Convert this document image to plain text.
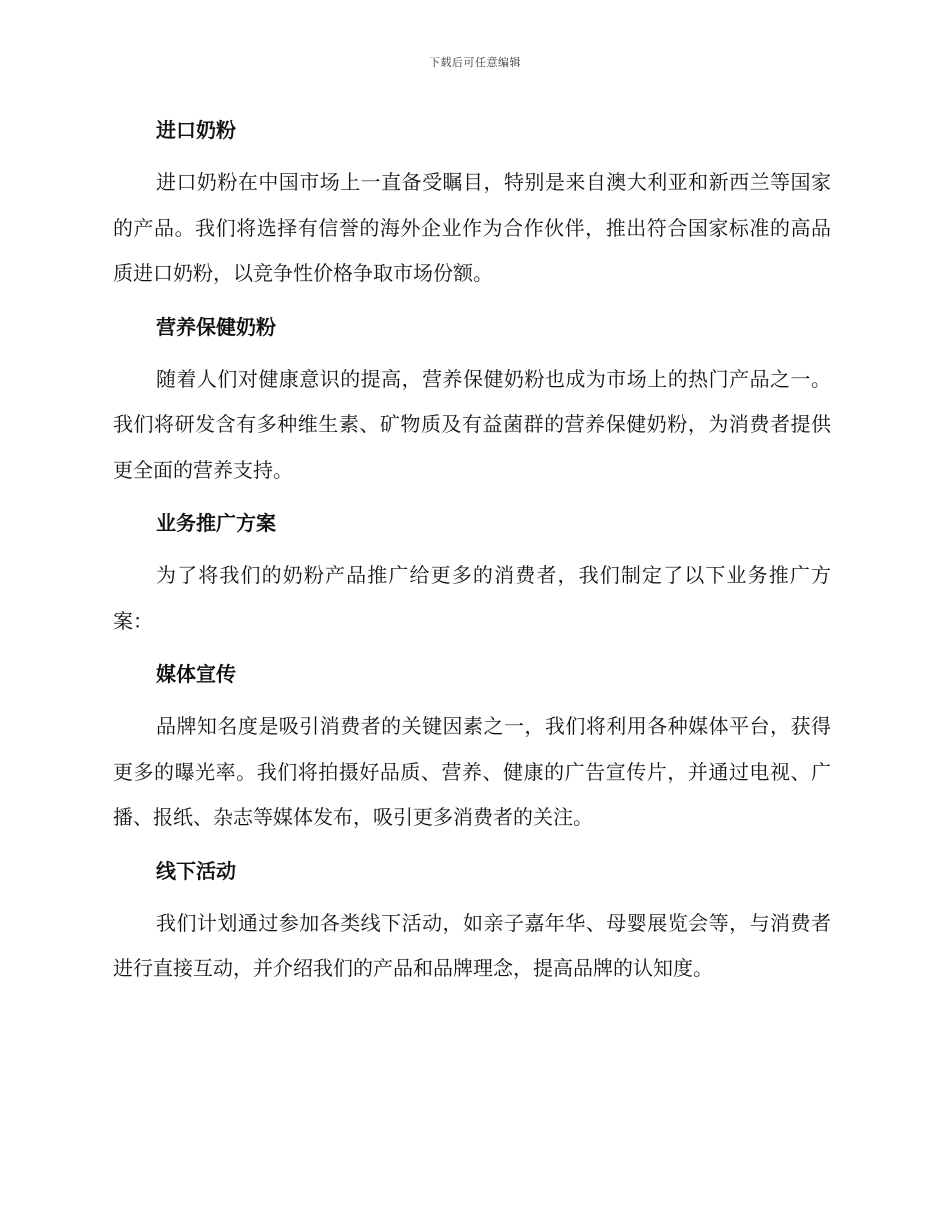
下载后可任意编辑
进口奶粉

进口奶粉在中国市场上一直备受瞩目，特别是来自澳大利亚和新西兰等国家的产品。我们将选择有信誉的海外企业作为合作伙伴，推出符合国家标准的高品质进口奶粉，以竞争性价格争取市场份额。

营养保健奶粉

随着人们对健康意识的提高，营养保健奶粉也成为市场上的热门产品之一。我们将研发含有多种维生素、矿物质及有益菌群的营养保健奶粉，为消费者提供更全面的营养支持。

业务推广方案

为了将我们的奶粉产品推广给更多的消费者，我们制定了以下业务推广方案：

媒体宣传

品牌知名度是吸引消费者的关键因素之一，我们将利用各种媒体平台，获得更多的曝光率。我们将拍摄好品质、营养、健康的广告宣传片，并通过电视、广播、报纸、杂志等媒体发布，吸引更多消费者的关注。

线下活动

我们计划通过参加各类线下活动，如亲子嘉年华、母婴展览会等，与消费者进行直接互动，并介绍我们的产品和品牌理念，提高品牌的认知度。
